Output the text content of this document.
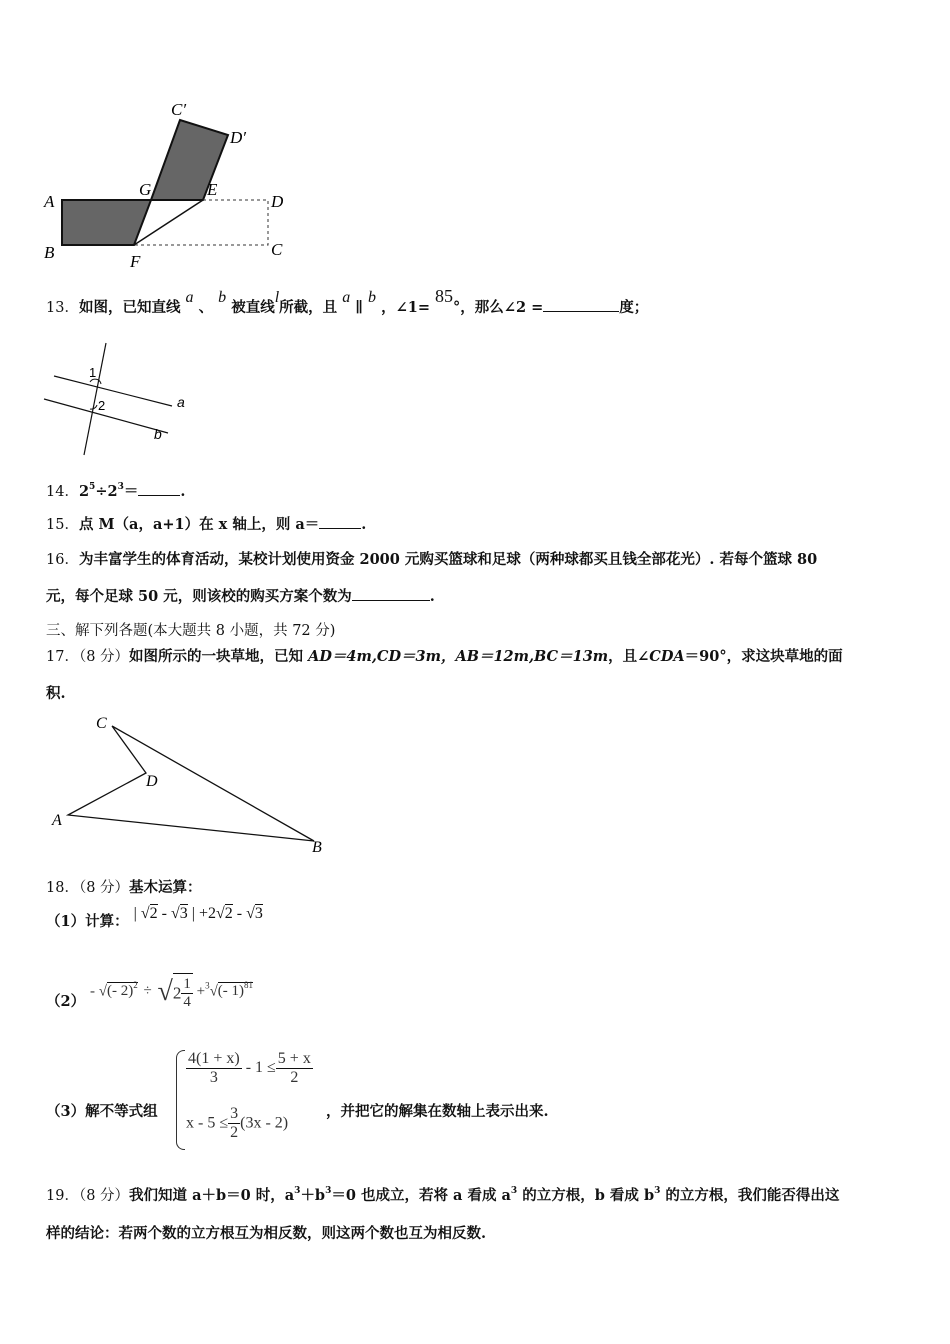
A
B
G	E
D
C
F
C′
D′
13．如图，已知直线 a 、 b 被直线l所截，且 a ∥ b ，∠1= 85°，那么∠2 =	度；
1
2	a
b
14．$2^5\div 2^3=$	.
15．点 M（a，a+1）在 x 轴上，则 a＝	.
16．为丰富学生的体育活动，某校计划使用资金 2000 元购买篮球和足球（两种球都买且钱全部花光）. 若每个篮球 80
元，每个足球 50 元，则该校的购买方案个数为	.
三、解下列各题(本大题共 8 小题，共 72 分)
17．（8 分）如图所示的一块草地，已知 AD＝4m,CD＝3m，AB＝12m,BC＝13m，且∠CDA＝90°，求这块草地的面
积.
C
D
A
B
18．（8 分）基木运算：
（1）计算： | √2 - √3 | +2√2 - √3
（2）
- √(- $2)^2 \div √2 \frac{1}{4} +^3√(-$ 1)$^{81}$
（3）解不等式组
$\frac{4(1 + x)}{3} - 1 \le \frac{5 + x}{2}$
$x - 5 \le \frac{3}{2} (3x - 2)$
，并把它的解集在数轴上表示出来.
19．（8 分）我们知道 a＋b＝0 时，$a^3+b^3=0$ 也成立，若将 a 看成 $a^3$ 的立方根，b 看成 $b^3$ 的立方根，我们能否得出这
样的结论：若两个数的立方根互为相反数，则这两个数也互为相反数.
